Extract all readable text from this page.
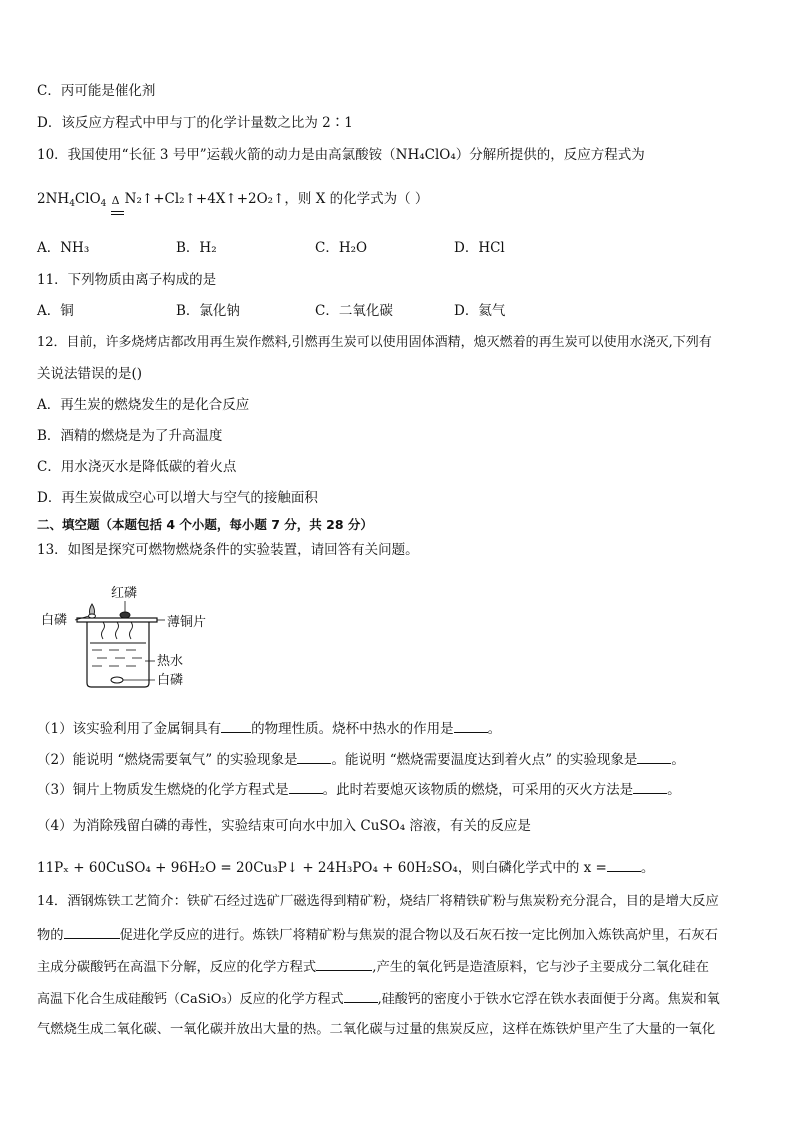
C．丙可能是催化剂
D．该反应方程式中甲与丁的化学计量数之比为 2∶1
10．我国使用“长征 3 号甲”运载火箭的动力是由高氯酸铵（NH₄ClO₄）分解所提供的，反应方程式为
$2NH_4ClO_4$ Δ N₂↑+Cl₂↑+4X↑+2O₂↑，则 X 的化学式为（ ）
A．NH₃	B．H₂	C．H₂O	D．HCl
11．下列物质由离子构成的是
A．铜	B．氯化钠	C．二氧化碳	D．氦气
12．目前，许多烧烤店都改用再生炭作燃料,引燃再生炭可以使用固体酒精，熄灭燃着的再生炭可以使用水浇灭,下列有
关说法错误的是()
A．再生炭的燃烧发生的是化合反应
B．酒精的燃烧是为了升高温度
C．用水浇灭水是降低碳的着火点
D．再生炭做成空心可以增大与空气的接触面积
二、填空题（本题包括 4 个小题，每小题 7 分，共 28 分）
13．如图是探究可燃物燃烧条件的实验装置，请回答有关问题。
红磷
白磷	薄铜片
热水
白磷
（1）该实验利用了金属铜具有 的物理性质。烧杯中热水的作用是	。
（2）能说明 “燃烧需要氧气” 的实验现象是	。能说明 “燃烧需要温度达到着火点” 的实验现象是	。
（3）铜片上物质发生燃烧的化学方程式是	。此时若要熄灭该物质的燃烧，可采用的灭火方法是	。
（4）为消除残留白磷的毒性，实验结束可向水中加入 CuSO₄ 溶液，有关的反应是
11Pₓ + 60CuSO₄ + 96H₂O = 20Cu₃P↓ + 24H₃PO₄ + 60H₂SO₄，则白磷化学式中的 x =	。
14．酒钢炼铁工艺简介：铁矿石经过选矿厂磁选得到精矿粉，烧结厂将精铁矿粉与焦炭粉充分混合，目的是增大反应
物的	促进化学反应的进行。炼铁厂将精矿粉与焦炭的混合物以及石灰石按一定比例加入炼铁高炉里，石灰石
主成分碳酸钙在高温下分解，反应的化学方程式	,产生的氧化钙是造渣原料，它与沙子主要成分二氧化硅在
高温下化合生成硅酸钙（CaSiO₃）反应的化学方程式	,硅酸钙的密度小于铁水它浮在铁水表面便于分离。焦炭和氧
气燃烧生成二氧化碳、一氧化碳并放出大量的热。二氧化碳与过量的焦炭反应，这样在炼铁炉里产生了大量的一氧化
